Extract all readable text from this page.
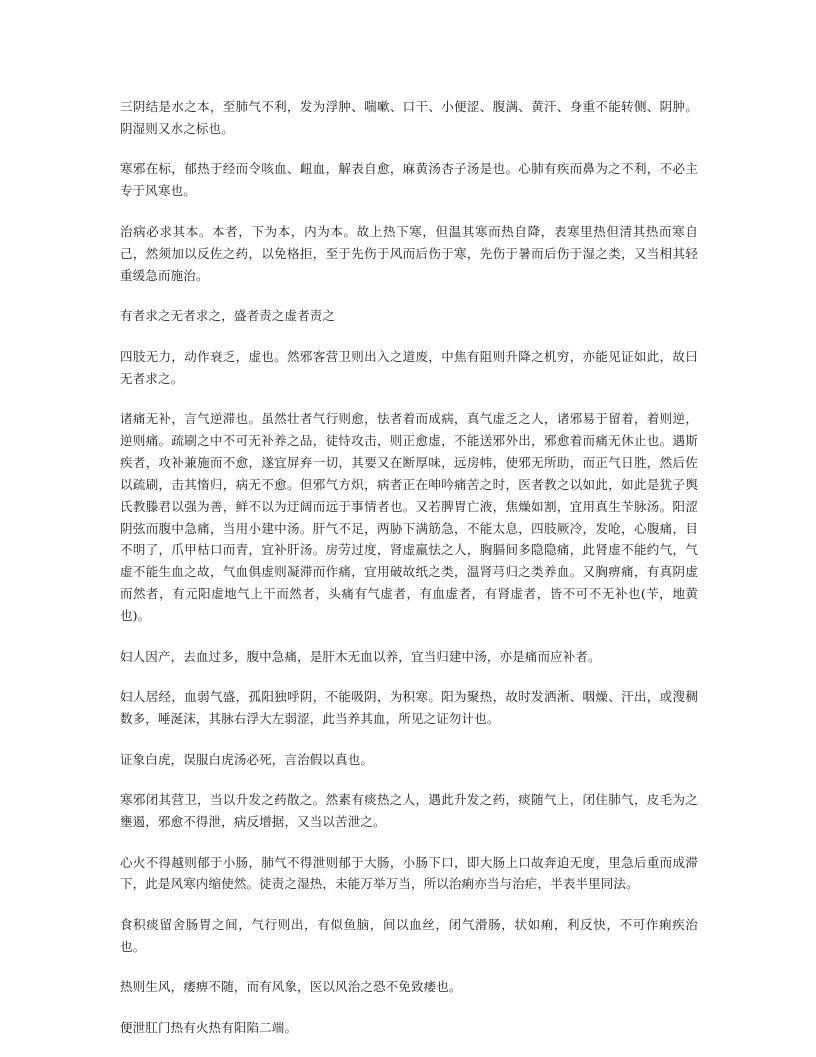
三阴结是水之本，至肺气不利，发为浮肿、喘嗽、口干、小便涩、腹满、黄汗、身重不能转侧、阴肿。阴湿则又水之标也。

寒邪在标，郁热于经而令咳血、衄血，解表自愈，麻黄汤杏子汤是也。心肺有疾而鼻为之不利，不必主专于风寒也。

治病必求其本。本者，下为本，内为本。故上热下寒，但温其寒而热自降，表寒里热但清其热而寒自己，然须加以反佐之药，以免格拒，至于先伤于风而后伤于寒，先伤于暑而后伤于湿之类，又当相其轻重缓急而施治。

有者求之无者求之，盛者责之虚者责之

四肢无力，动作衰乏，虚也。然邪客营卫则出入之道废，中焦有阻则升降之机穷，亦能见证如此，故曰无者求之。

诸痛无补，言气逆滞也。虽然壮者气行则愈，怯者着而成病，真气虚乏之人，诸邪易于留着，着则逆，逆则痛。疏刷之中不可无补养之品，徒恃攻击，则正愈虚，不能送邪外出，邪愈着而痛无休止也。遇斯疾者，攻补兼施而不愈，遂宜屏弃一切，其要又在断厚味，远房帏，使邪无所助，而正气日胜，然后佐以疏刷，击其惰归，病无不愈。但邪气方炽，病者正在呻吟痛苦之时，医者教之以如此，如此是犹子舆氏教滕君以强为善，鲜不以为迂阔而远于事情者也。又若脾胃亡液，焦燥如割，宜用真生苄脉汤。阳涩阴弦而腹中急痛，当用小建中汤。肝气不足，两胁下满筋急，不能太息，四肢厥冷，发呛，心腹痛，目不明了，爪甲枯口而青，宜补肝汤。房劳过度，肾虚羸怯之人，胸膈间多隐隐痛，此肾虚不能约气，气虚不能生血之故，气血俱虚则凝滞而作痛，宜用破故纸之类，温肾芎归之类养血。又胸痹痛，有真阴虚而然者，有元阳虚地气上干而然者，头痛有气虚者，有血虚者，有肾虚者，皆不可不无补也(苄，地黄也)。

妇人因产，去血过多，腹中急痛，是肝木无血以养，宜当归建中汤，亦是痛而应补者。

妇人居经，血弱气盛，孤阳独呼阴，不能吸阴，为积寒。阳为聚热，故时发洒淅、咽燥、汗出，或溲稠数多，唾涎沫，其脉右浮大左弱涩，此当养其血，所见之证勿计也。

证象白虎，误服白虎汤必死，言治假以真也。

寒邪闭其营卫，当以升发之药散之。然素有痰热之人，遇此升发之药，痰随气上，闭住肺气，皮毛为之壅遏，邪愈不得泄，病反增据，又当以苦泄之。

心火不得越则郁于小肠，肺气不得泄则郁于大肠，小肠下口，即大肠上口故奔迫无度，里急后重而成滞下，此是风寒内缩使然。徒责之湿热，未能万举万当，所以治痢亦当与治疟，半表半里同法。

食积痰留舍肠胃之间，气行则出，有似鱼脑，间以血丝，闭气滑肠，状如痢，利反快，不可作痢疾治也。

热则生风，痿痹不随，而有风象，医以风治之恐不免致痿也。

便泄肛门热有火热有阳陷二端。
